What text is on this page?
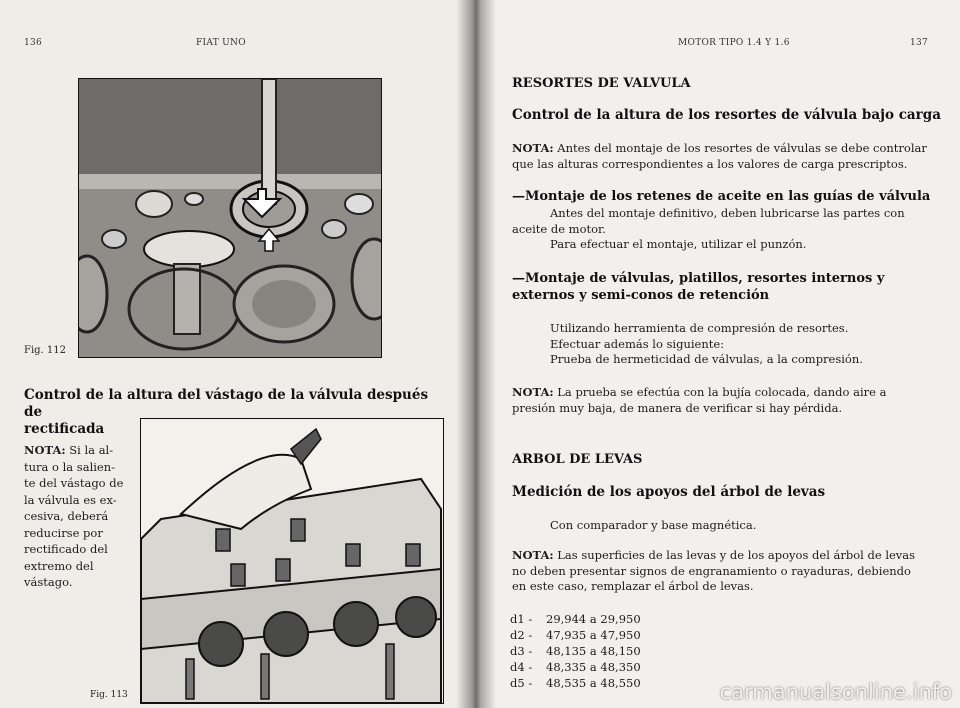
136	FIAT UNO
Fig. 112
Control de la altura del vástago de la válvula después de
rectificada
NOTA: Si la al-
tura o la salien-
te del vástago de
la válvula es ex-
cesiva, deberá
reducirse por
rectificado del
extremo del
vástago.
Fig. 113
MOTOR TIPO 1.4 Y 1.6	137
RESORTES DE VALVULA
Control de la altura de los resortes de válvula bajo carga
NOTA: Antes del montaje de los resortes de válvulas se debe controlar
que las alturas correspondientes a los valores de carga prescriptos.
—Montaje de los retenes de aceite en las guías de válvula
Antes del montaje definitivo, deben lubricarse las partes con
aceite de motor.
Para efectuar el montaje, utilizar el punzón.
—Montaje de válvulas, platillos, resortes internos y
externos y semi-conos de retención
Utilizando herramienta de compresión de resortes.
Efectuar además lo siguiente:
Prueba de hermeticidad de válvulas, a la compresión.
NOTA: La prueba se efectúa con la bujía colocada, dando aire a
presión muy baja, de manera de verificar si hay pérdida.
ARBOL DE LEVAS
Medición de los apoyos del árbol de levas
Con comparador y base magnética.
NOTA: Las superficies de las levas y de los apoyos del árbol de levas
no deben presentar signos de engranamiento o rayaduras, debiendo
en este caso, remplazar el árbol de levas.
d1 - 29,944 a 29,950
d2 - 47,935 a 47,950
d3 - 48,135 a 48,150
d4 - 48,335 a 48,350
d5 - 48,535 a 48,550	carmanualsonline.info
